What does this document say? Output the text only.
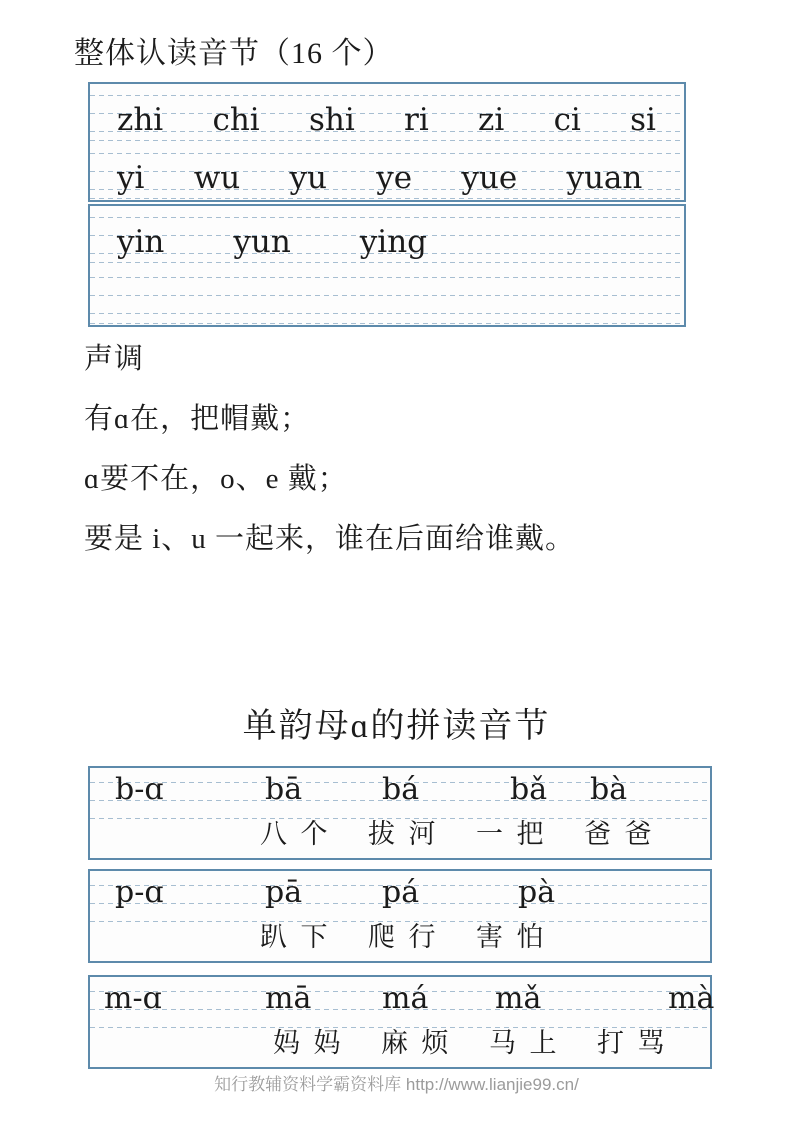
整体认读音节（16 个）
zhi     chi     shi     ri     zi     ci     si
yi     wu     yu     ye     yue     yuan
yin       yun       ying
声调
有ɑ在，把帽戴；
ɑ要不在，o、e 戴；
要是 i、u 一起来，谁在后面给谁戴。
单韵母ɑ的拼读音节
b-ɑ	bā	bá	bǎ bà
八  个      拔  河      一  把      爸  爸
p-ɑ	pā	pá	pà
趴  下      爬  行      害  怕
m-ɑ	mā má mǎ	mà
妈  妈      麻  烦      马  上      打  骂
知行教辅资料学霸资料库 http://www.lianjie99.cn/
